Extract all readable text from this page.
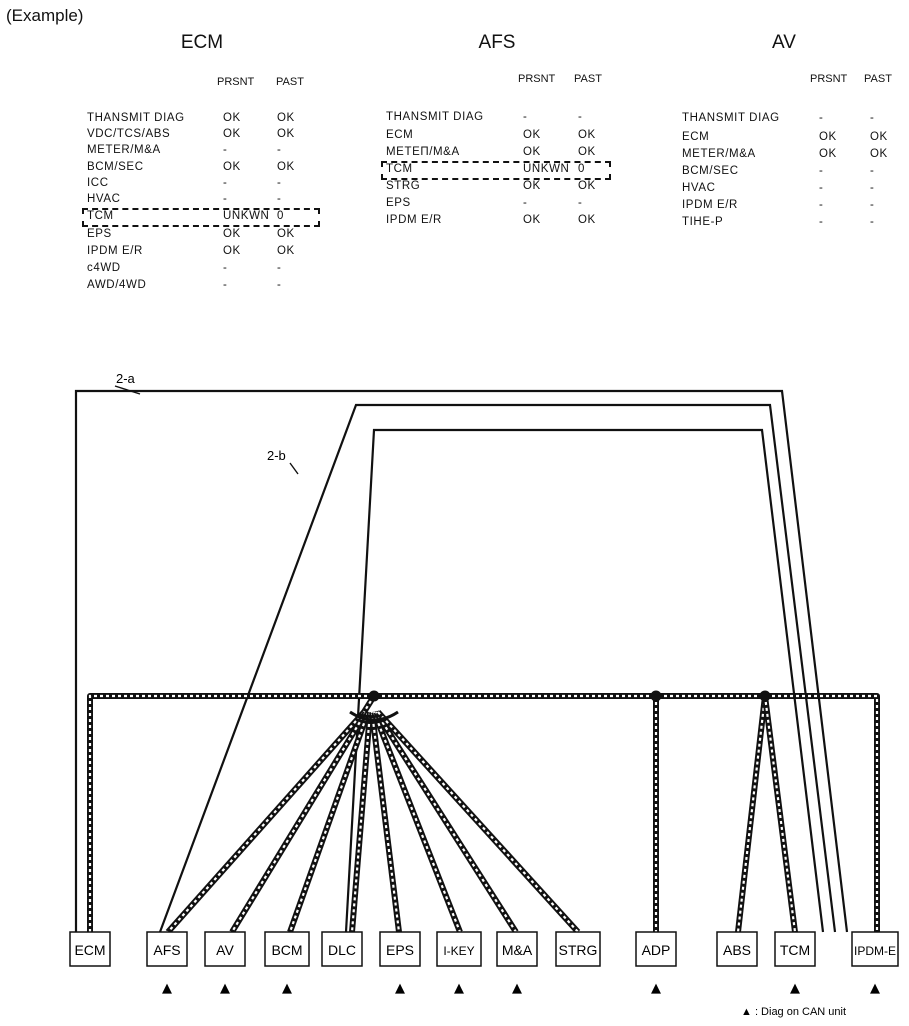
(Example)
ECM
PRSNT PAST
THANSMIT DIAG	OK	OK
VDC/TCS/ABS	OK	OK
METER/M&A	-	-
BCM/SEC	OK	OK
ICC	-	-
HVAC	-	-
TCM	UNKWN 0
EPS	OK	OK
IPDM E/R	OK	OK
c4WD	-	-
AWD/4WD	-	-
AFS
PRSNT PAST
THANSMIT DIAG	-	-
ECM	OK	OK
METEП/M&A	OK	OK
TCM	UNKWN 0
STRG	OK	OK
EPS	-	-
IPDM E/R	OK	OK
AV
PRSNT PAST
THANSMIT DIAG	-	-
ECM	OK	OK
METER/M&A	OK	OK
BCM/SEC	-	-
HVAC	-	-
IPDM E/R	-	-
TIHE-P	-	-
2-a
2-b
ECM	AFS
▲
AV
▲
BCM
▲
DLC EPS
▲
I-KEY
▲
M&A
▲
STRG	ADP
▲
ABS TCM
▲
IPDM-E
▲
▲ : Diag on CAN unit
